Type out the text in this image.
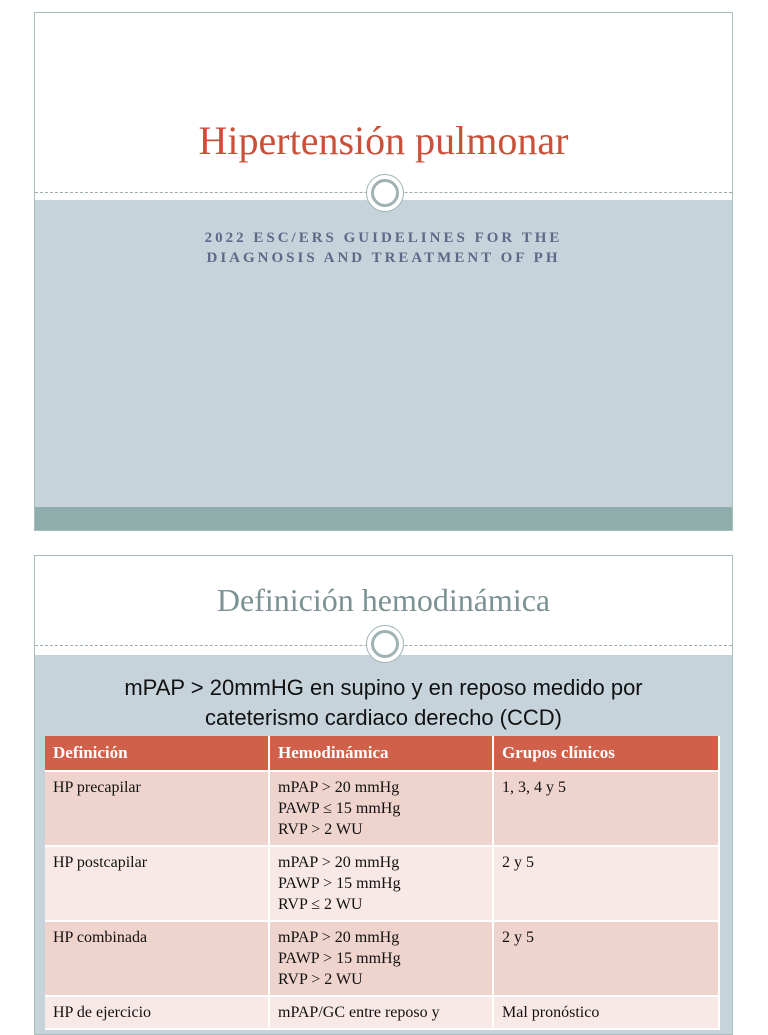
Hipertensión pulmonar
2022 ESC/ERS GUIDELINES FOR THE
DIAGNOSIS AND TREATMENT OF PH
Definición hemodinámica
mPAP > 20mmHG en supino y en reposo medido por
cateterismo cardiaco derecho (CCD)
Definición	Hemodinámica	Grupos clínicos
HP precapilar	mPAP > 20 mmHg
PAWP ≤ 15 mmHg
RVP > 2 WU	1, 3, 4 y 5
HP postcapilar	mPAP > 20 mmHg
PAWP > 15 mmHg
RVP ≤ 2 WU	2 y 5
HP combinada	mPAP > 20 mmHg
PAWP > 15 mmHg
RVP > 2 WU	2 y 5
HP de ejercicio	mPAP/GC entre reposo y	Mal pronóstico
